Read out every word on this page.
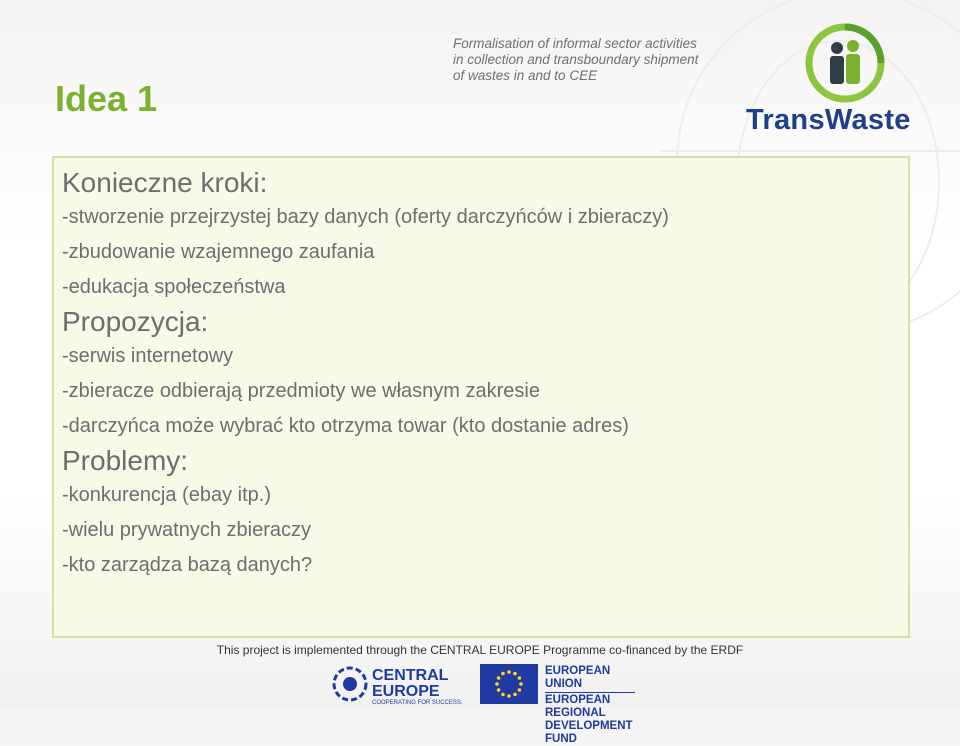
Idea 1
Formalisation of informal sector activities
in collection and transboundary shipment
of wastes in and to CEE
TransWaste

Konieczne kroki:

-stworzenie przejrzystej bazy danych (oferty darczyńców i zbieraczy)

-zbudowanie wzajemnego zaufania

-edukacja społeczeństwa

Propozycja:

-serwis internetowy

-zbieracze odbierają przedmioty we własnym zakresie

-darczyńca może wybrać kto otrzyma towar (kto dostanie adres)

Problemy:

-konkurencja (ebay itp.)

-wielu prywatnych zbieraczy

-kto zarządza bazą danych?

This project is implemented through the CENTRAL EUROPE Programme co-financed by the ERDF
CENTRAL
EUROPE
COOPERATING FOR SUCCESS.
EUROPEAN UNION
EUROPEAN REGIONAL
DEVELOPMENT FUND
